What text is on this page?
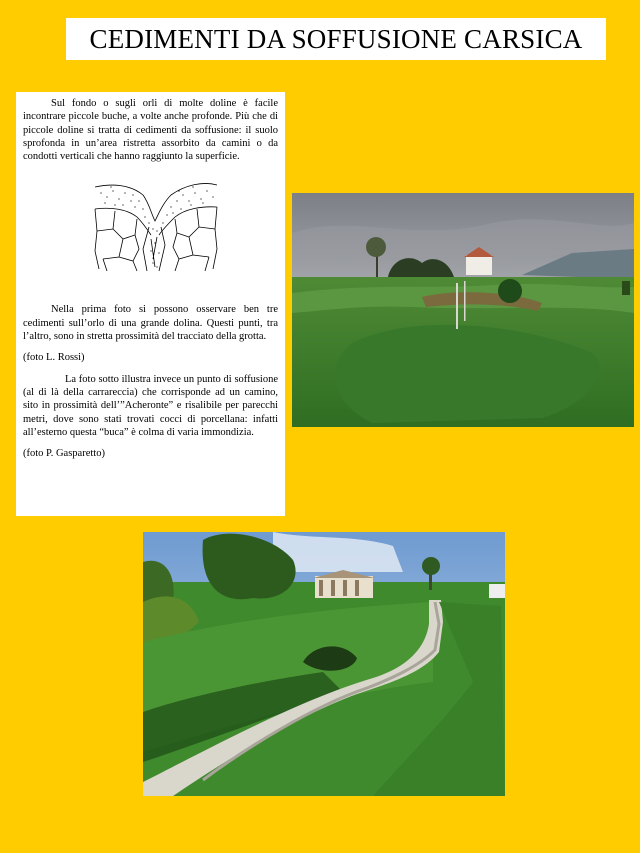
CEDIMENTI DA SOFFUSIONE CARSICA

Sul fondo o sugli orli di molte doline è facile incontrare piccole buche, a volte anche profonde. Più che di piccole doline si tratta di cedimenti da soffusione: il suolo sprofonda in un’area ristretta assorbito da camini o da condotti verticali che hanno raggiunto la superficie.

Nella prima foto si possono osservare ben tre cedimenti sull’orlo di una grande dolina. Questi punti, tra l’altro, sono in stretta prossimità del tracciato della grotta.

(foto L. Rossi)

La foto sotto illustra invece un punto di soffusione (al di là della carrareccia) che corrisponde ad un camino, sito in prossimità dell’”Acheronte” e risalibile per parecchi metri, dove sono stati trovati cocci di porcellana: infatti all’esterno questa “buca” è colma di varia immondizia.

(foto P. Gasparetto)
